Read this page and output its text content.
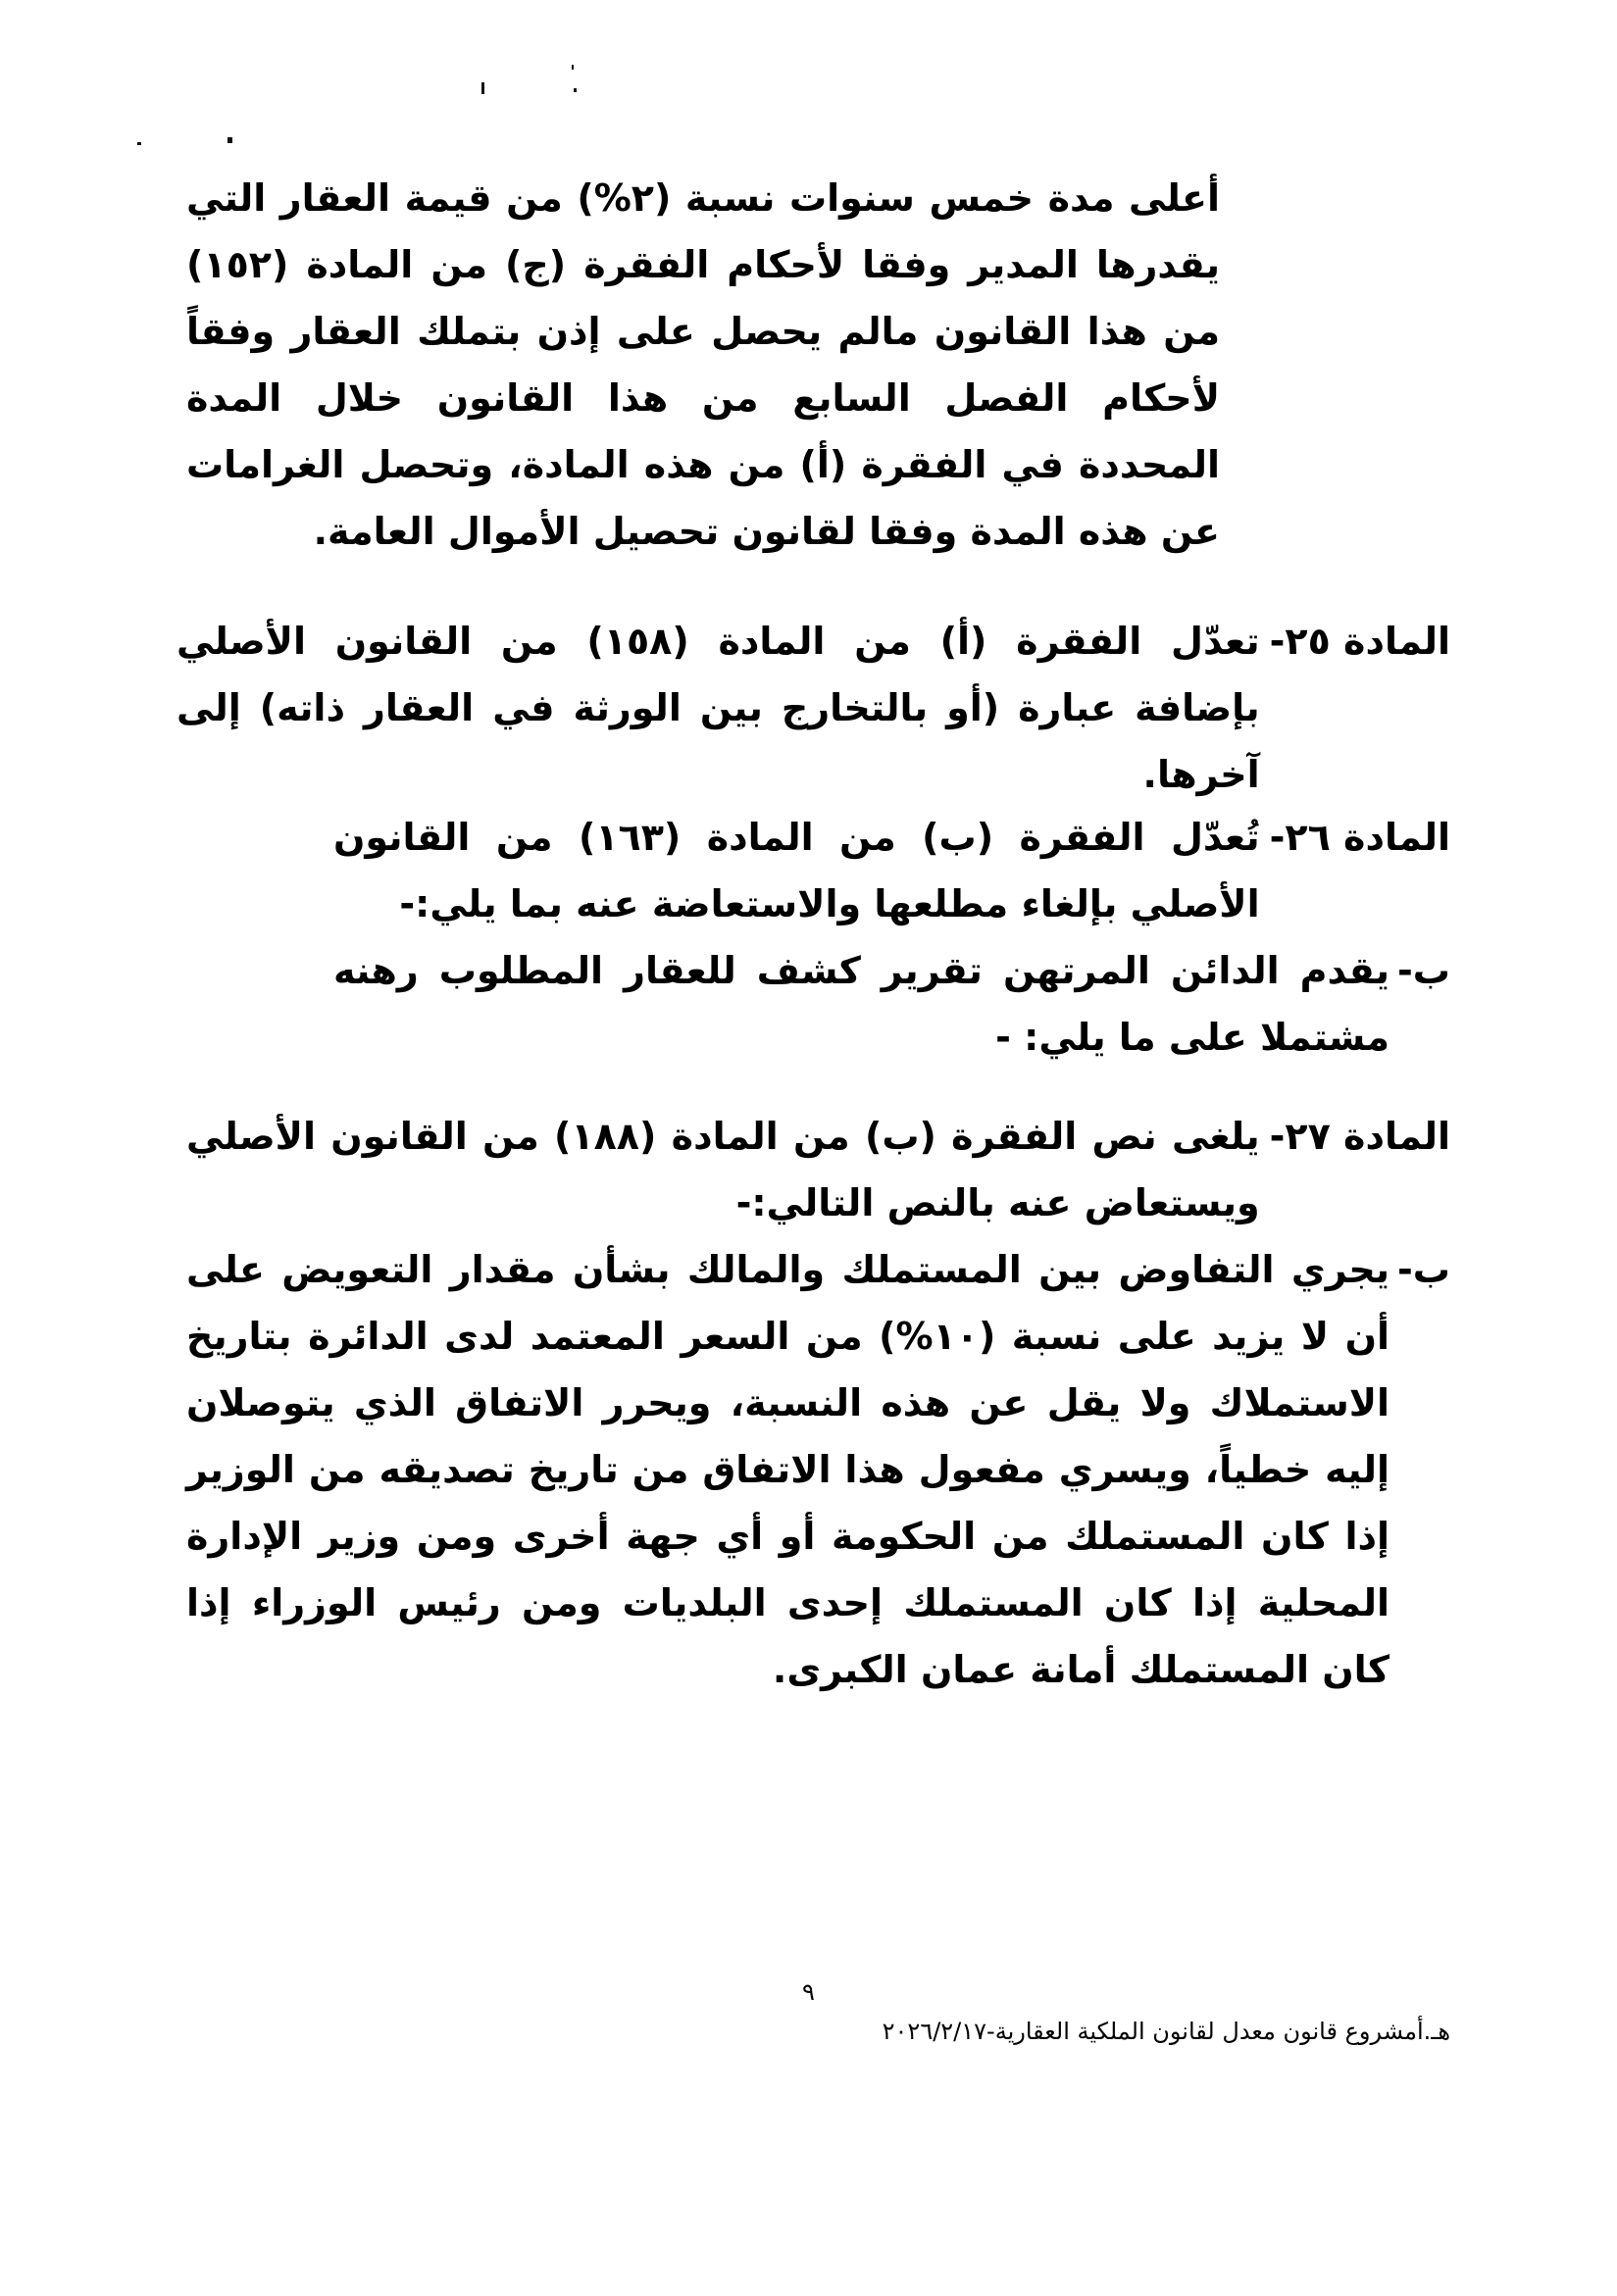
أعلى مدة خمس سنوات نسبة (٢%) من قيمة العقار التي يقدرها المدير وفقا لأحكام الفقرة (ج) من المادة (١٥٢) من هذا القانون مالم يحصل على إذن بتملك العقار وفقاً لأحكام الفصل السابع من هذا القانون خلال المدة المحددة في الفقرة (أ) من هذه المادة، وتحصل الغرامات عن هذه المدة وفقا لقانون تحصيل الأموال العامة.
المادة ٢٥-
تعدّل الفقرة (أ) من المادة (١٥٨) من القانون الأصلي بإضافة عبارة (أو بالتخارج بين الورثة في العقار ذاته) إلى آخرها.
المادة ٢٦-
تُعدّل الفقرة (ب) من المادة (١٦٣) من القانون الأصلي بإلغاء مطلعها والاستعاضة عنه بما يلي:-
ب-
يقدم الدائن المرتهن تقرير كشف للعقار المطلوب رهنه مشتملا على ما يلي: -
المادة ٢٧-
يلغى نص الفقرة (ب) من المادة (١٨٨) من القانون الأصلي ويستعاض عنه بالنص التالي:-
ب-
يجري التفاوض بين المستملك والمالك بشأن مقدار التعويض على أن لا يزيد على نسبة (١٠%) من السعر المعتمد لدى الدائرة بتاريخ الاستملاك ولا يقل عن هذه النسبة، ويحرر الاتفاق الذي يتوصلان إليه خطياً، ويسري مفعول هذا الاتفاق من تاريخ تصديقه من الوزير إذا كان المستملك من الحكومة أو أي جهة أخرى ومن وزير الإدارة المحلية إذا كان المستملك إحدى البلديات ومن رئيس الوزراء إذا كان المستملك أمانة عمان الكبرى.
٩
هـ.أمشروع قانون معدل لقانون الملكية العقارية-٢٠٢٦/٢/١٧
